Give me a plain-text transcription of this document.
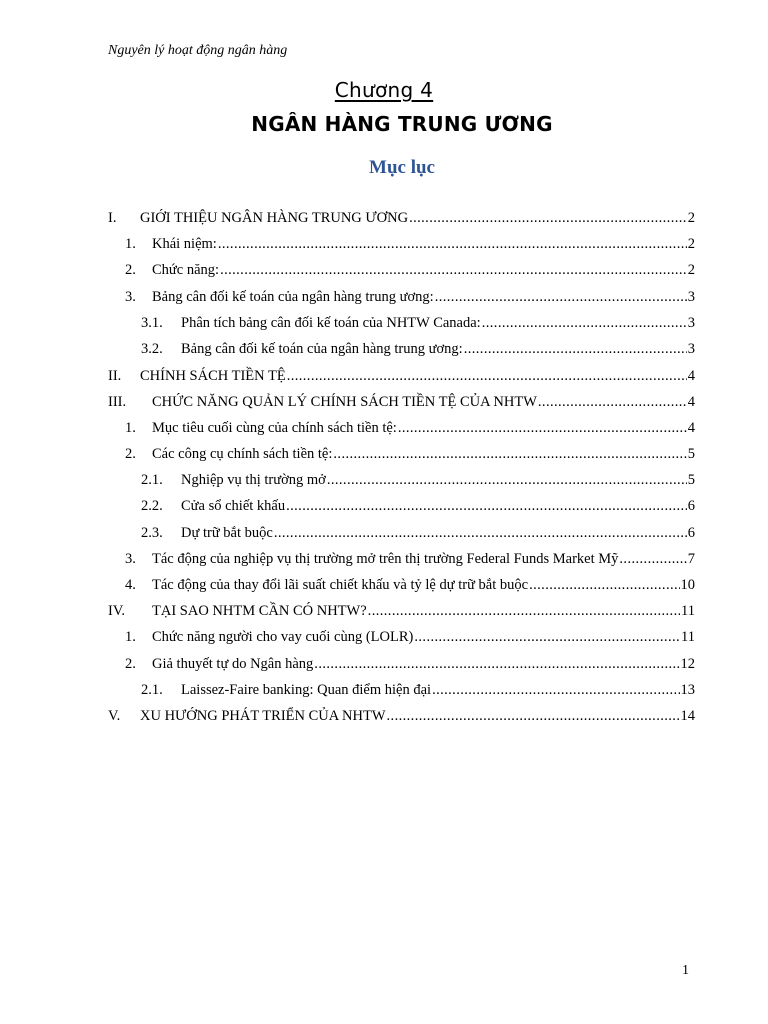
Nguyên lý hoạt động ngân hàng
Chương 4
NGÂN HÀNG TRUNG ƯƠNG
Mục lục
I.	GIỚI THIỆU NGÂN HÀNG TRUNG ƯƠNG .....	2
1.	Khái niệm: .....	2
2.	Chức năng: .....	2
3.	Bảng cân đối kế toán của ngân hàng trung ương: .....	3
3.1.	Phân tích bảng cân đối kế toán của NHTW Canada: .....	3
3.2.	Bảng cân đối kế toán của ngân hàng trung ương: .....	3
II.	CHÍNH SÁCH TIỀN TỆ .....	4
III.	CHỨC NĂNG QUẢN LÝ CHÍNH SÁCH TIỀN TỆ CỦA NHTW .....	4
1.	Mục tiêu cuối cùng của chính sách tiền tệ: .....	4
2.	Các công cụ chính sách tiền tệ: .....	5
2.1.	Nghiệp vụ thị trường mở .....	5
2.2.	Cửa sổ chiết khấu .....	6
2.3.	Dự trữ bắt buộc .....	6
3.	Tác động của nghiệp vụ thị trường mở trên thị trường Federal Funds Market Mỹ .....	7
4.	Tác động của thay đổi lãi suất chiết khấu và tỷ lệ dự trữ bắt buộc .....	10
IV.	TẠI SAO NHTM CẦN CÓ NHTW? .....	11
1.	Chức năng người cho vay cuối cùng (LOLR) .....	11
2.	Giả thuyết tự do Ngân hàng .....	12
2.1.	Laissez-Faire banking: Quan điểm hiện đại .....	13
V.	XU HƯỚNG PHÁT TRIỂN CỦA NHTW .....	14
1
